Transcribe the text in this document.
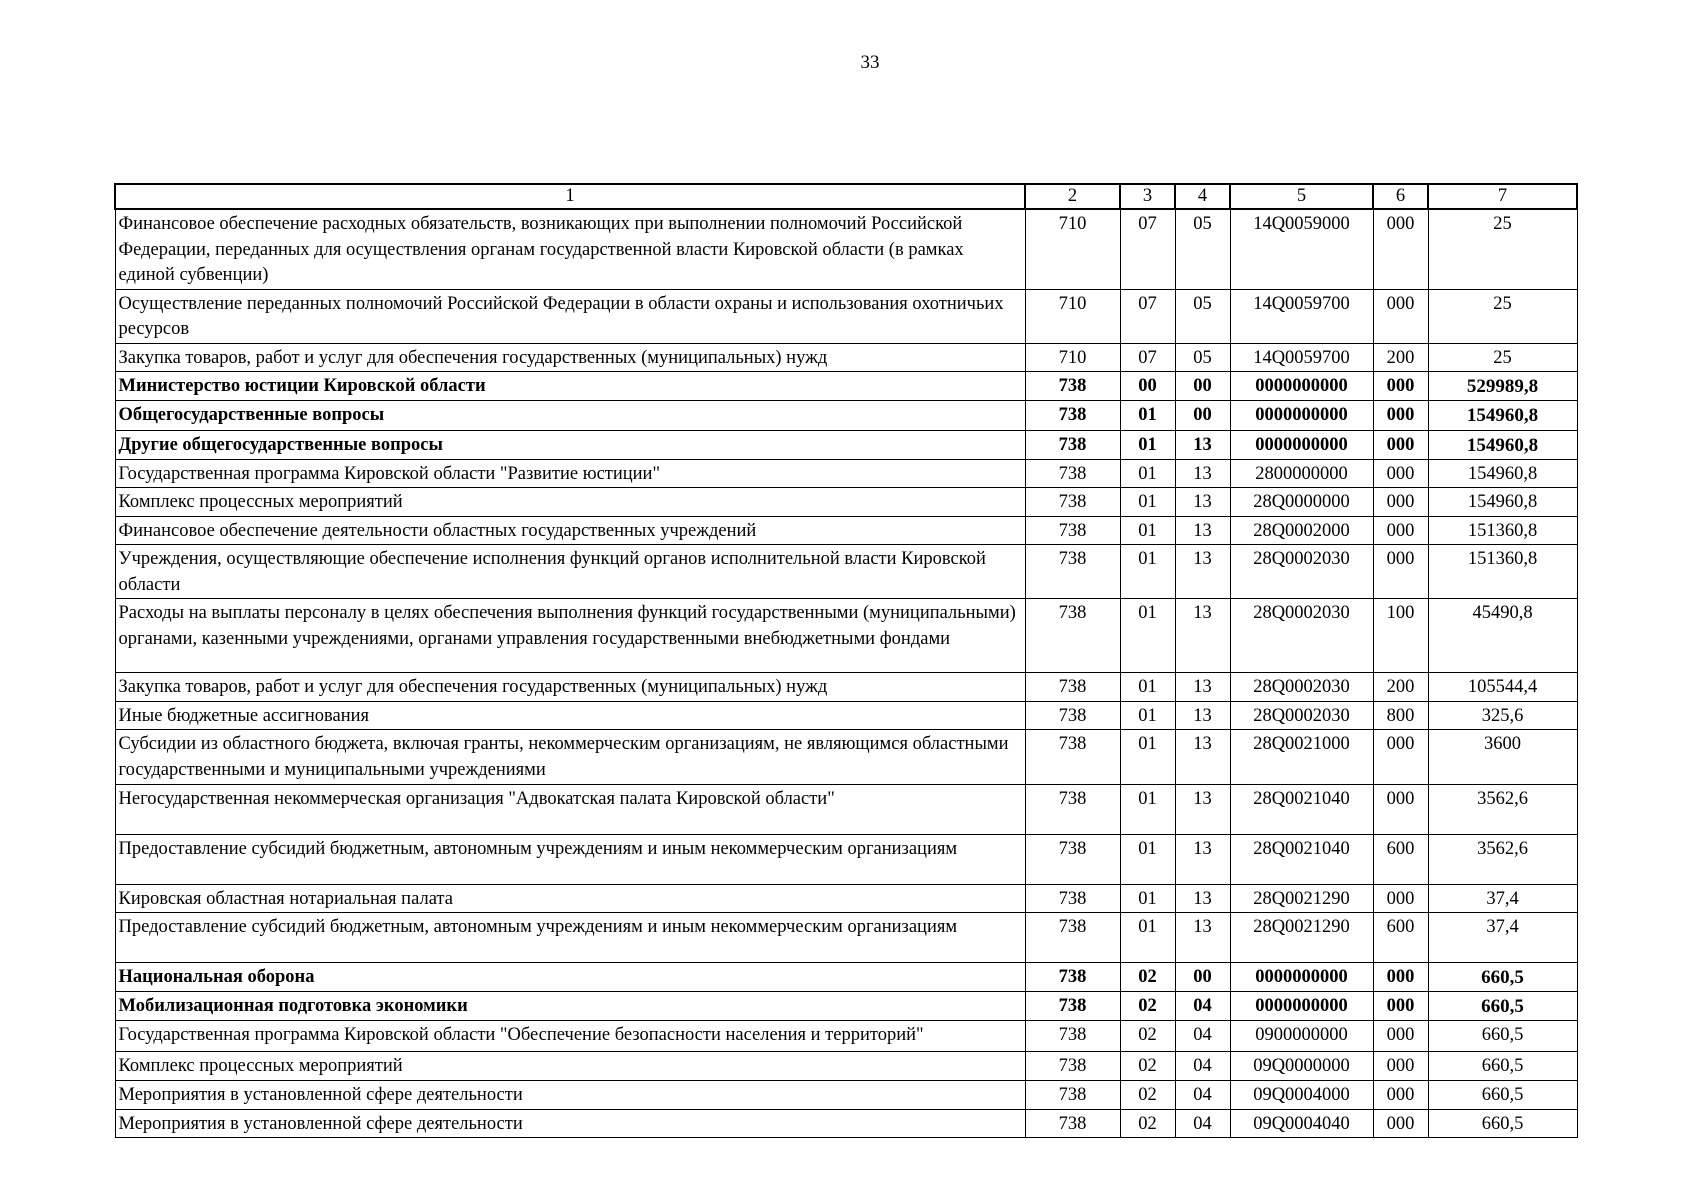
33
1	2	3	4	5	6	7
Финансовое обеспечение расходных обязательств, возникающих при выполнении полномочий Российской Федерации, переданных для осуществления органам государственной власти Кировской области (в рамках единой субвенции)	710	07	05	14Q0059000	000	25
Осуществление переданных полномочий Российской Федерации в области охраны и использования охотничьих ресурсов	710	07	05	14Q0059700	000	25
Закупка товаров, работ и услуг для обеспечения государственных (муниципальных) нужд	710	07	05	14Q0059700	200	25
Министерство юстиции Кировской области	738	00	00	0000000000	000	529989,8
Общегосударственные вопросы	738	01	00	0000000000	000	154960,8
Другие общегосударственные вопросы	738	01	13	0000000000	000	154960,8
Государственная программа Кировской области "Развитие юстиции"	738	01	13	2800000000	000	154960,8
Комплекс процессных мероприятий	738	01	13	28Q0000000	000	154960,8
Финансовое обеспечение деятельности областных государственных учреждений	738	01	13	28Q0002000	000	151360,8
Учреждения, осуществляющие обеспечение исполнения функций органов исполнительной власти Кировской области	738	01	13	28Q0002030	000	151360,8
Расходы на выплаты персоналу в целях обеспечения выполнения функций государственными (муниципальными) органами, казенными учреждениями, органами управления государственными внебюджетными фондами	738	01	13	28Q0002030	100	45490,8
Закупка товаров, работ и услуг для обеспечения государственных (муниципальных) нужд	738	01	13	28Q0002030	200	105544,4
Иные бюджетные ассигнования	738	01	13	28Q0002030	800	325,6
Субсидии из областного бюджета, включая гранты, некоммерческим организациям, не являющимся областными государственными и муниципальными учреждениями	738	01	13	28Q0021000	000	3600
Негосударственная некоммерческая организация "Адвокатская палата Кировской области"	738	01	13	28Q0021040	000	3562,6
Предоставление субсидий бюджетным, автономным учреждениям и иным некоммерческим организациям	738	01	13	28Q0021040	600	3562,6
Кировская областная нотариальная палата	738	01	13	28Q0021290	000	37,4
Предоставление субсидий бюджетным, автономным учреждениям и иным некоммерческим организациям	738	01	13	28Q0021290	600	37,4
Национальная оборона	738	02	00	0000000000	000	660,5
Мобилизационная подготовка экономики	738	02	04	0000000000	000	660,5
Государственная программа Кировской области "Обеспечение безопасности населения и территорий"	738	02	04	0900000000	000	660,5
Комплекс процессных мероприятий	738	02	04	09Q0000000	000	660,5
Мероприятия в установленной сфере деятельности	738	02	04	09Q0004000	000	660,5
Мероприятия в установленной сфере деятельности	738	02	04	09Q0004040	000	660,5
